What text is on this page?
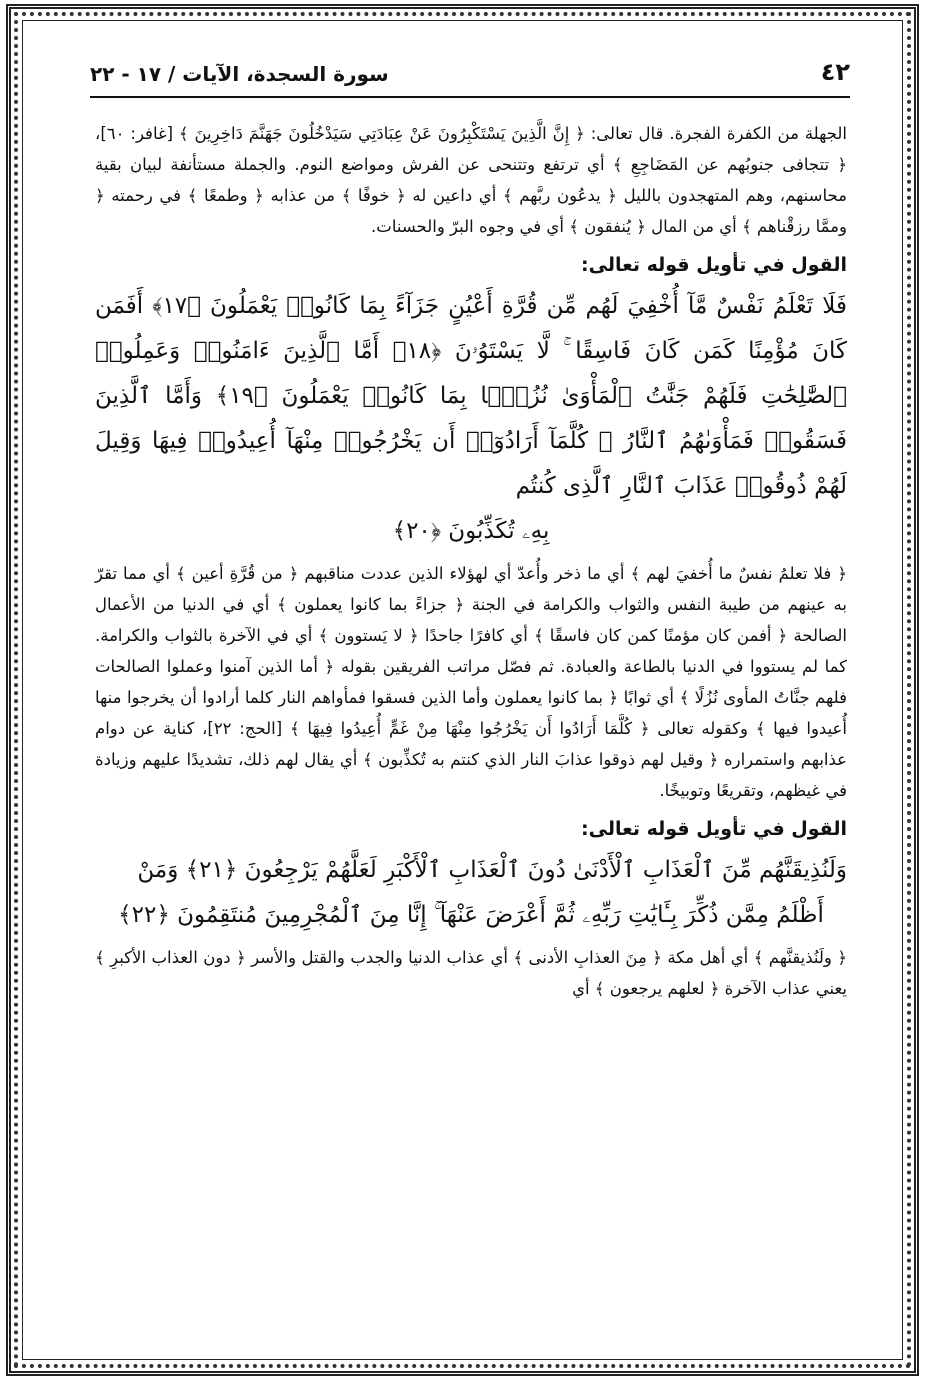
٤٢
سورة السجدة، الآيات / ١٧ - ٢٢

الجهلة من الكفرة الفجرة. قال تعالى: ﴿ إِنَّ الَّذِينَ يَسْتَكْبِرُونَ عَنْ عِبَادَتِي سَيَدْخُلُونَ جَهَنَّمَ دَاخِرِينَ ﴾ [غافر: ٦٠]، ﴿ تتجافى جنوبُهم عن المَضَاجِعِ ﴾ أي ترتفع وتتنحى عن الفرش ومواضع النوم. والجملة مستأنفة لبيان بقية محاسنهم، وهم المتهجدون بالليل ﴿ يدعُون ربَّهم ﴾ أي داعين له ﴿ خوفًا ﴾ من عذابه ﴿ وطمعًا ﴾ في رحمته ﴿ وممَّا رزقْناهم ﴾ أي من المال ﴿ يُنفقون ﴾ أي في وجوه البرّ والحسنات.

القول في تأويل قوله تعالى:

فَلَا تَعْلَمُ نَفْسٌ مَّآ أُخْفِيَ لَهُم مِّن قُرَّةِ أَعْيُنٍ جَزَآءً بِمَا كَانُوا۟ يَعْمَلُونَ ﴿١٧﴾ أَفَمَن كَانَ مُؤْمِنًا كَمَن كَانَ فَاسِقًا ۚ لَّا يَسْتَوُۥنَ ﴿١٨﴾ أَمَّا ٱلَّذِينَ ءَامَنُوا۟ وَعَمِلُوا۟ ٱلصَّٰلِحَٰتِ فَلَهُمْ جَنَّٰتُ ٱلْمَأْوَىٰ نُزُلًۢا بِمَا كَانُوا۟ يَعْمَلُونَ ﴿١٩﴾ وَأَمَّا ٱلَّذِينَ فَسَقُوا۟ فَمَأْوَىٰهُمُ ٱلنَّارُ ۖ كُلَّمَآ أَرَادُوٓا۟ أَن يَخْرُجُوا۟ مِنْهَآ أُعِيدُوا۟ فِيهَا وَقِيلَ لَهُمْ ذُوقُوا۟ عَذَابَ ٱلنَّارِ ٱلَّذِى كُنتُم

بِهِۦ تُكَذِّبُونَ ﴿٢٠﴾

﴿ فلا تعلمُ نفسٌ ما أُخفيَ لهم ﴾ أي ما ذخر وأُعدّ أي لهؤلاء الذين عددت مناقبهم ﴿ من قُرَّةِ أعين ﴾ أي مما تقرّ به عينهم من طيبة النفس والثواب والكرامة في الجنة ﴿ جزاءً بما كانوا يعملون ﴾ أي في الدنيا من الأعمال الصالحة ﴿ أفمن كان مؤمنًا كمن كان فاسقًا ﴾ أي كافرًا جاحدًا ﴿ لا يَستوون ﴾ أي في الآخرة بالثواب والكرامة. كما لم يستووا في الدنيا بالطاعة والعبادة. ثم فصّل مراتب الفريقين بقوله ﴿ أما الذين آمنوا وعملوا الصالحات فلهم جنَّاتُ المأوى نُزُلًا ﴾ أي ثوابًا ﴿ بما كانوا يعملون وأما الذين فسقوا فمأواهم النار كلما أرادوا أن يخرجوا منها أُعيدوا فيها ﴾ وكقوله تعالى ﴿ كُلَّمَا أَرَادُوا أَن يَخْرُجُوا مِنْهَا مِنْ غَمٍّ أُعِيدُوا فِيهَا ﴾ [الحج: ٢٢]، كناية عن دوام عذابهم واستمراره ﴿ وقيل لهم ذوقوا عذابَ النار الذي كنتم به تُكذِّبون ﴾ أي يقال لهم ذلك، تشديدًا عليهم وزيادة في غيظهم، وتقريعًا وتوبيخًا.

القول في تأويل قوله تعالى:

وَلَنُذِيقَنَّهُم مِّنَ ٱلْعَذَابِ ٱلْأَدْنَىٰ دُونَ ٱلْعَذَابِ ٱلْأَكْبَرِ لَعَلَّهُمْ يَرْجِعُونَ ﴿٢١﴾ وَمَنْ

أَظْلَمُ مِمَّن ذُكِّرَ بِـَٔايَٰتِ رَبِّهِۦ ثُمَّ أَعْرَضَ عَنْهَآ ۚ إِنَّا مِنَ ٱلْمُجْرِمِينَ مُنتَقِمُونَ ﴿٢٢﴾

﴿ ولَنُذيقنَّهم ﴾ أي أهل مكة ﴿ مِنَ العذابِ الأدنى ﴾ أي عذاب الدنيا والجدب والقتل والأسر ﴿ دون العذاب الأكبرِ ﴾ يعني عذاب الآخرة ﴿ لعلهم يرجعون ﴾ أي
